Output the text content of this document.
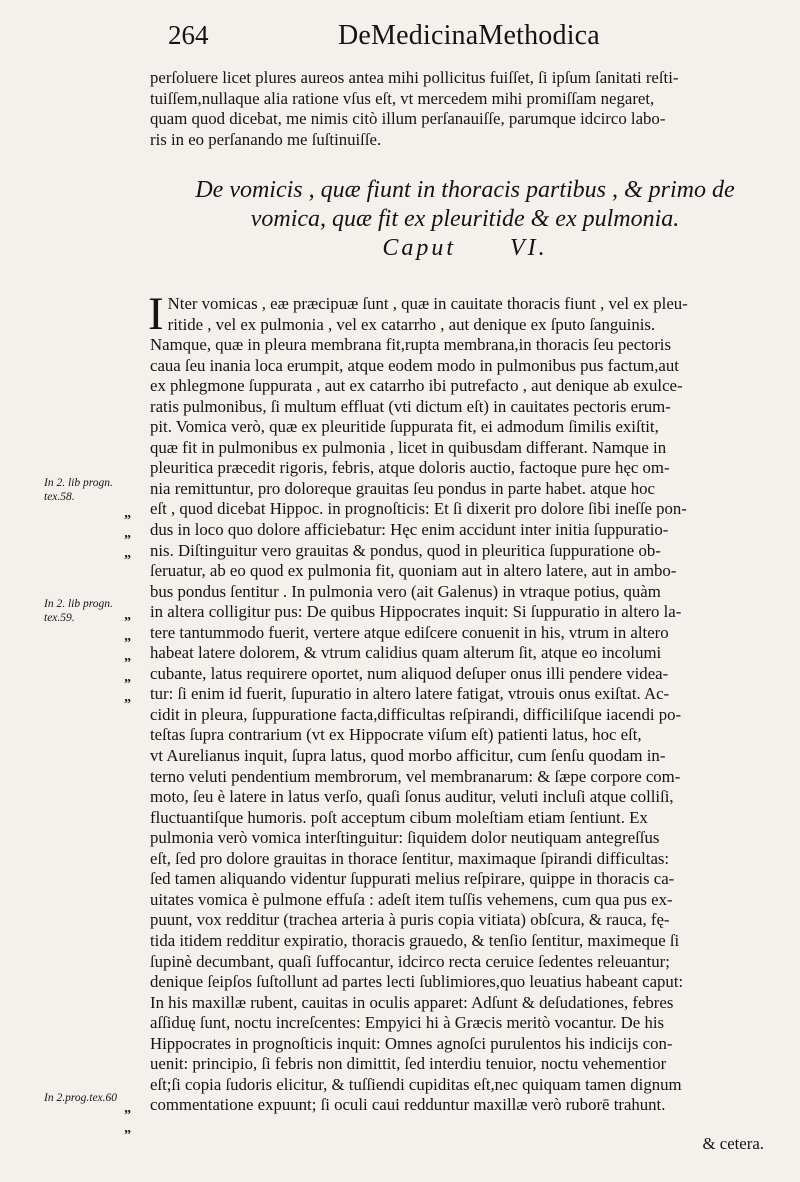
264	DeMedicinaMethodica
perſoluere licet plures aureos antea mihi pollicitus fuiſſet, ſi ipſum ſanitati reſti-
tuiſſem,nullaque alia ratione vſus eſt, vt mercedem mihi promiſſam negaret,
quam quod dicebat, me nimis citò illum perſanauiſſe, parumque idcirco labo-
ris in eo perſanando me ſuſtinuiſſe.
De vomicis , quæ fiunt in thoracis partibus , & primo de
vomica, quæ fit ex pleuritide & ex pulmonia.
Caput VI.
I Nter vomicas , eæ præcipuæ ſunt , quæ in cauitate thoracis fiunt , vel ex pleu-
ritide , vel ex pulmonia , vel ex catarrho , aut denique ex ſputo ſanguinis.
Namque, quæ in pleura membrana fit,rupta membrana,in thoracis ſeu pectoris
caua ſeu inania loca erumpit, atque eodem modo in pulmonibus pus factum,aut
ex phlegmone ſuppurata , aut ex catarrho ibi putrefacto , aut denique ab exulce-
ratis pulmonibus, ſi multum effluat (vti dictum eſt) in cauitates pectoris erum-
pit. Vomica verò, quæ ex pleuritide ſuppurata fit, ei admodum ſimilis exiſtit,
quæ fit in pulmonibus ex pulmonia , licet in quibusdam differant. Namque in
pleuritica præcedit rigoris, febris, atque doloris auctio, factoque pure hęc om-
nia remittuntur, pro doloreque grauitas ſeu pondus in parte habet. atque hoc
eſt , quod dicebat Hippoc. in prognoſticis: Et ſi dixerit pro dolore ſibi ineſſe pon-
dus in loco quo dolore afficiebatur: Hęc enim accidunt inter initia ſuppuratio-
nis. Diſtinguitur vero grauitas & pondus, quod in pleuritica ſuppuratione ob-
ſeruatur, ab eo quod ex pulmonia fit, quoniam aut in altero latere, aut in ambo-
bus pondus ſentitur . In pulmonia vero (ait Galenus) in vtraque potius, quàm
in altera colligitur pus: De quibus Hippocrates inquit: Si ſuppuratio in altero la-
tere tantummodo fuerit, vertere atque ediſcere conuenit in his, vtrum in altero
habeat latere dolorem, & vtrum calidius quam alterum ſit, atque eo incolumi
cubante, latus requirere oportet, num aliquod deſuper onus illi pendere videa-
tur: ſi enim id fuerit, ſupuratio in altero latere fatigat, vtrouis onus exiſtat. Ac-
cidit in pleura, ſuppuratione facta,difficultas reſpirandi, difficiliſque iacendi po-
teſtas ſupra contrarium (vt ex Hippocrate viſum eſt) patienti latus, hoc eſt,
vt Aurelianus inquit, ſupra latus, quod morbo afficitur, cum ſenſu quodam in-
terno veluti pendentium membrorum, vel membranarum: & ſæpe corpore com-
moto, ſeu è latere in latus verſo, quaſi ſonus auditur, veluti incluſi atque colliſi,
fluctuantiſque humoris. poſt acceptum cibum moleſtiam etiam ſentiunt. Ex
pulmonia verò vomica interſtinguitur: ſiquidem dolor neutiquam antegreſſus
eſt, ſed pro dolore grauitas in thorace ſentitur, maximaque ſpirandi difficultas:
ſed tamen aliquando videntur ſuppurati melius reſpirare, quippe in thoracis ca-
uitates vomica è pulmone effuſa : adeſt item tuſſis vehemens, cum qua pus ex-
puunt, vox redditur (trachea arteria à puris copia vitiata) obſcura, & rauca, fę-
tida itidem redditur expiratio, thoracis grauedo, & tenſio ſentitur, maximeque ſi
ſupinè decumbant, quaſi ſuffocantur, idcirco recta ceruice ſedentes releuantur;
denique ſeipſos ſuſtollunt ad partes lecti ſublimiores,quo leuatius habeant caput:
In his maxillæ rubent, cauitas in oculis apparet: Adſunt & deſudationes, febres
aſſiduę ſunt, noctu increſcentes: Empyici hi à Græcis meritò vocantur. De his
Hippocrates in prognoſticis inquit: Omnes agnoſci purulentos his indicijs con-
uenit: principio, ſi febris non dimittit, ſed interdiu tenuior, noctu vehementior
eſt;ſi copia ſudoris elicitur, & tuſſiendi cupiditas eſt,nec quiquam tamen dignum
commentatione expuunt; ſi oculi caui redduntur maxillæ verò ruborē trahunt.
In 2. lib progn.
tex.58.
In 2. lib progn.
tex.59.
In 2.prog.tex.60
”
”
”
”
”
”
”
”
”
”	& cetera.
